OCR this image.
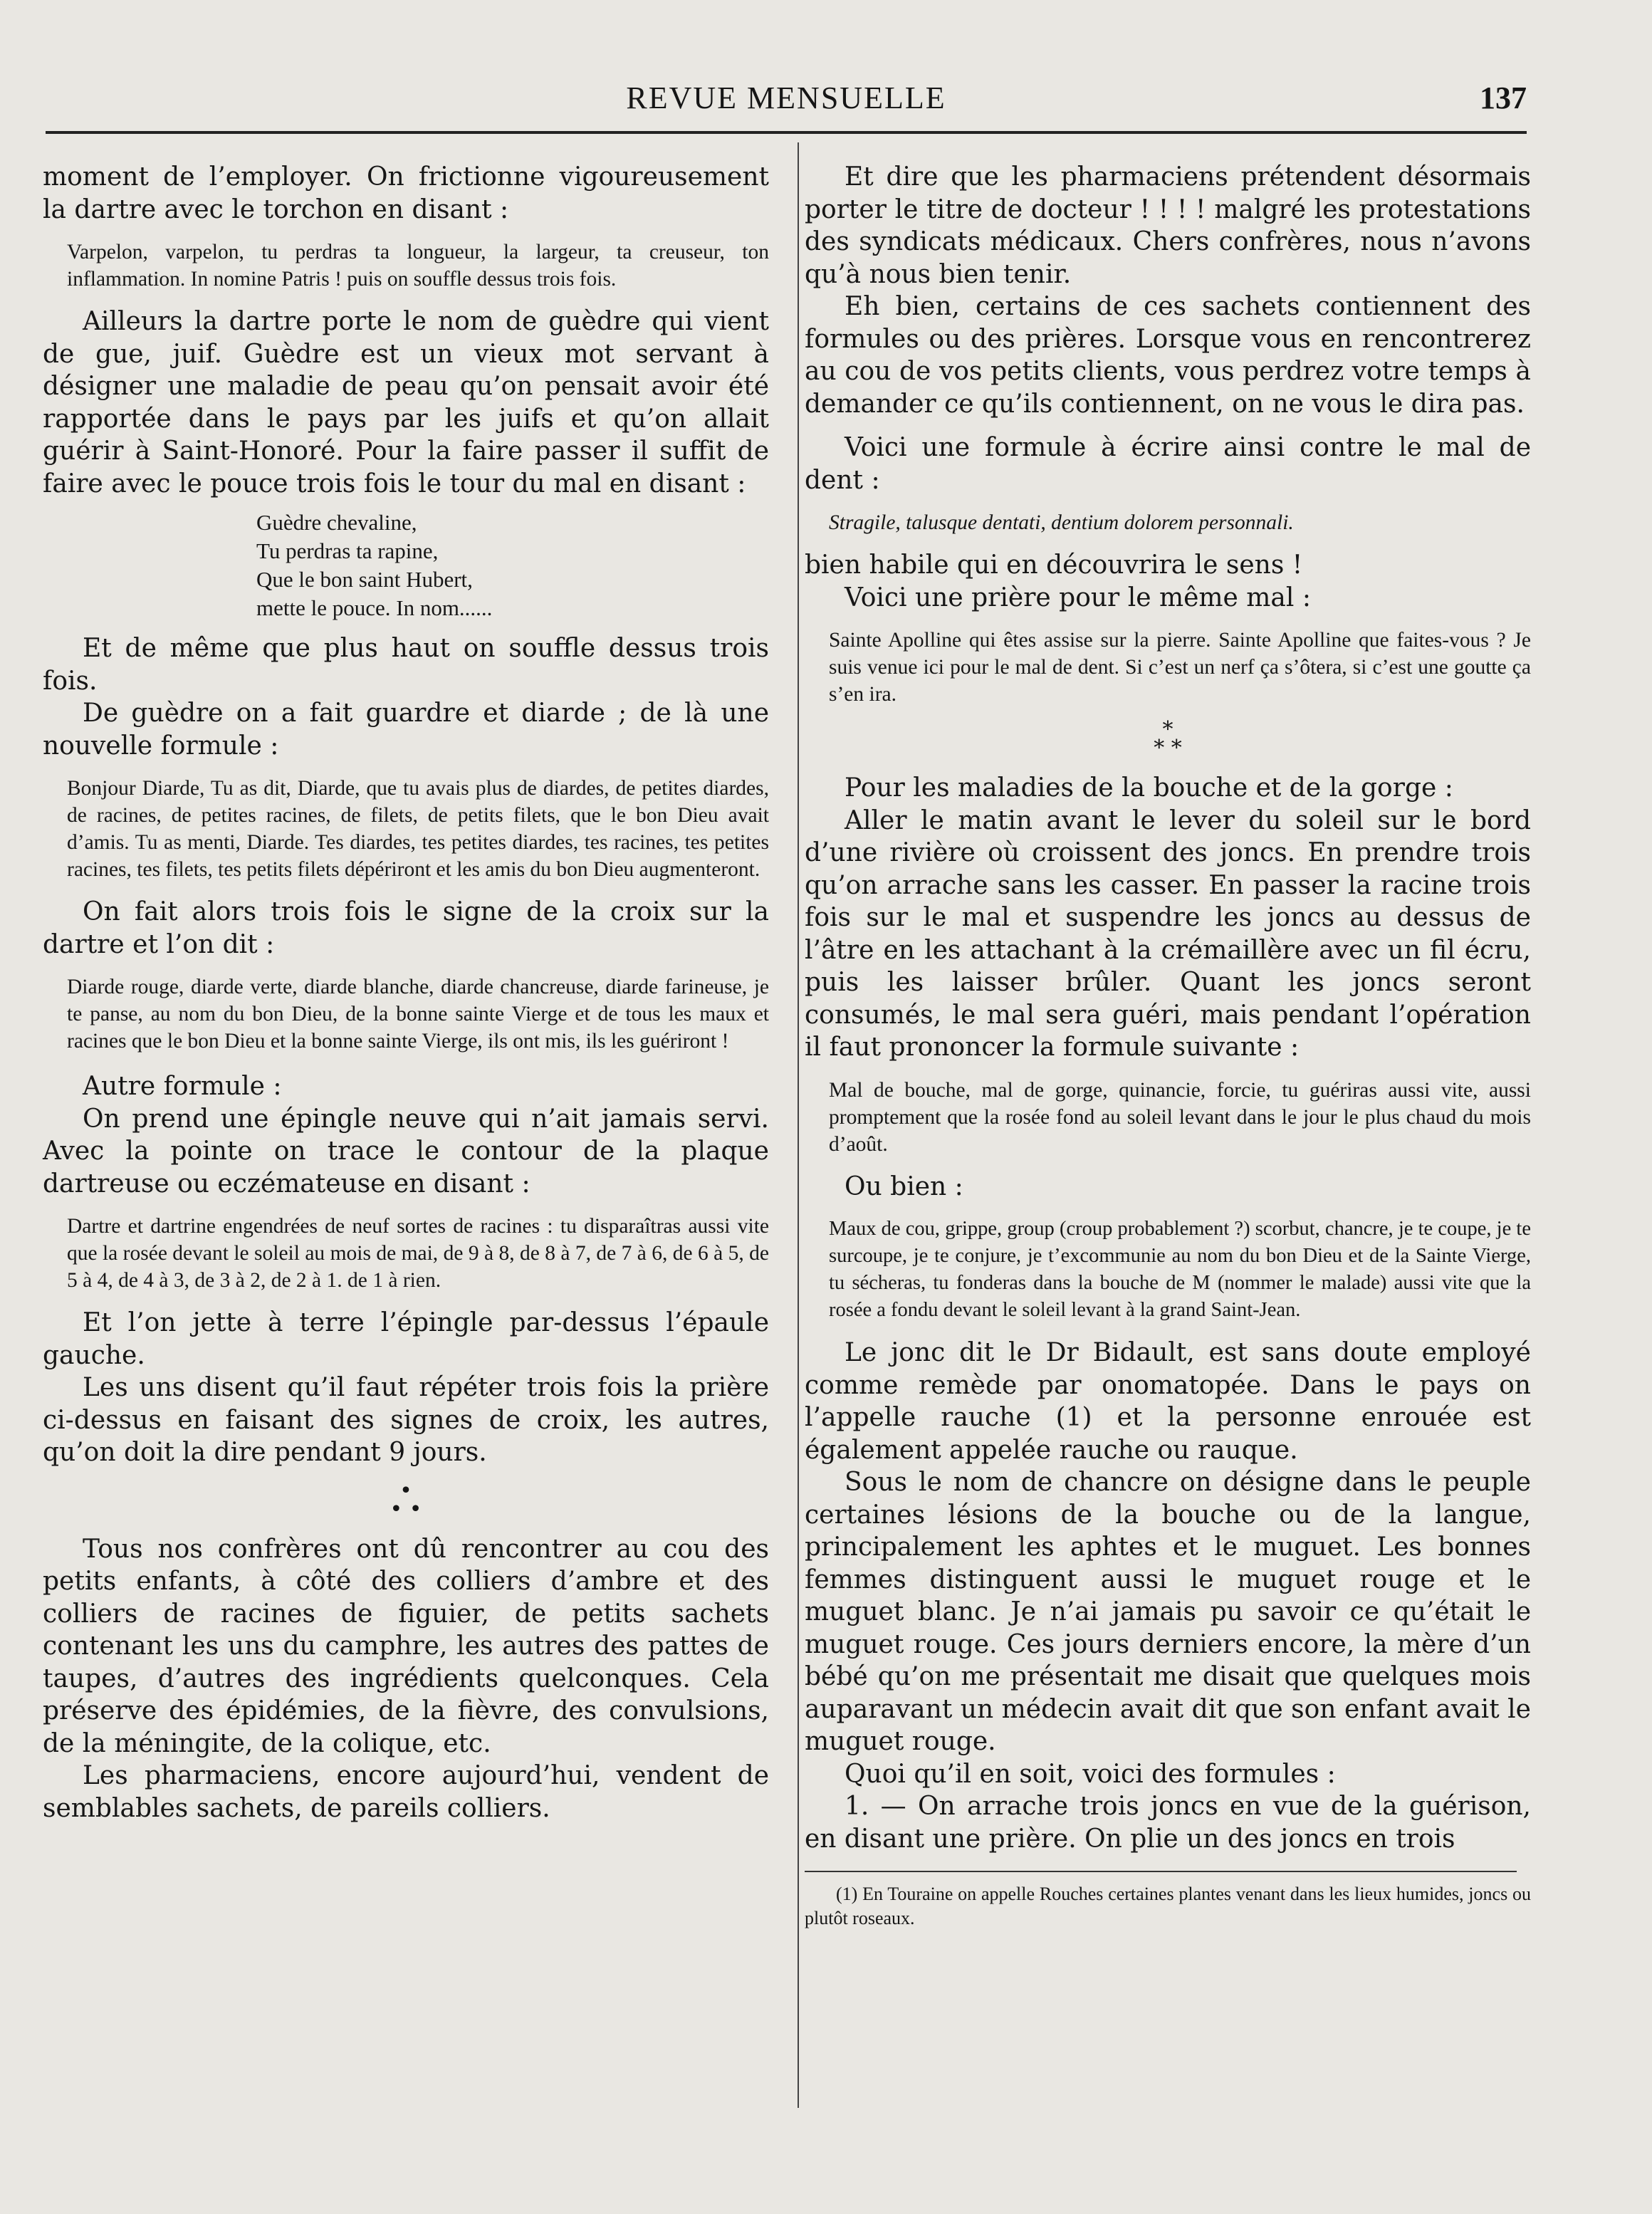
REVUE MENSUELLE	137

moment de l’employer. On frictionne vigoureusement la dartre avec le torchon en disant :

Varpelon, varpelon, tu perdras ta longueur, la largeur, ta creuseur, ton inflammation. In nomine Patris ! puis on souffle dessus trois fois.

Ailleurs la dartre porte le nom de guèdre qui vient de gue, juif. Guèdre est un vieux mot servant à désigner une maladie de peau qu’on pensait avoir été rapportée dans le pays par les juifs et qu’on allait guérir à Saint-Honoré. Pour la faire passer il suffit de faire avec le pouce trois fois le tour du mal en disant :

Guèdre chevaline,
Tu perdras ta rapine,
Que le bon saint Hubert,
mette le pouce. In nom......

Et de même que plus haut on souffle dessus trois fois.

De guèdre on a fait guardre et diarde ; de là une nouvelle formule :

Bonjour Diarde, Tu as dit, Diarde, que tu avais plus de diardes, de petites diardes, de racines, de petites racines, de filets, de petits filets, que le bon Dieu avait d’amis. Tu as menti, Diarde. Tes diardes, tes petites diardes, tes racines, tes petites racines, tes filets, tes petits filets dépériront et les amis du bon Dieu augmenteront.

On fait alors trois fois le signe de la croix sur la dartre et l’on dit :

Diarde rouge, diarde verte, diarde blanche, diarde chancreuse, diarde farineuse, je te panse, au nom du bon Dieu, de la bonne sainte Vierge et de tous les maux et racines que le bon Dieu et la bonne sainte Vierge, ils ont mis, ils les guériront !

Autre formule :

On prend une épingle neuve qui n’ait jamais servi. Avec la pointe on trace le contour de la plaque dartreuse ou eczémateuse en disant :

Dartre et dartrine engendrées de neuf sortes de racines : tu disparaîtras aussi vite que la rosée devant le soleil au mois de mai, de 9 à 8, de 8 à 7, de 7 à 6, de 6 à 5, de 5 à 4, de 4 à 3, de 3 à 2, de 2 à 1. de 1 à rien.

Et l’on jette à terre l’épingle par-dessus l’épaule gauche.

Les uns disent qu’il faut répéter trois fois la prière ci-dessus en faisant des signes de croix, les autres, qu’on doit la dire pendant 9 jours.

•
• •

Tous nos confrères ont dû rencontrer au cou des petits enfants, à côté des colliers d’ambre et des colliers de racines de figuier, de petits sachets contenant les uns du camphre, les autres des pattes de taupes, d’autres des ingrédients quelconques. Cela préserve des épidémies, de la fièvre, des convulsions, de la méningite, de la colique, etc.

Les pharmaciens, encore aujourd’hui, vendent de semblables sachets, de pareils colliers.

Et dire que les pharmaciens prétendent désormais porter le titre de docteur ! ! ! ! malgré les protestations des syndicats médicaux. Chers confrères, nous n’avons qu’à nous bien tenir.

Eh bien, certains de ces sachets contiennent des formules ou des prières. Lorsque vous en rencontrerez au cou de vos petits clients, vous perdrez votre temps à demander ce qu’ils contiennent, on ne vous le dira pas.

Voici une formule à écrire ainsi contre le mal de dent :

Stragile, talusque dentati, dentium dolorem personnali.

bien habile qui en découvrira le sens !

Voici une prière pour le même mal :

Sainte Apolline qui êtes assise sur la pierre. Sainte Apolline que faites-vous ? Je suis venue ici pour le mal de dent. Si c’est un nerf ça s’ôtera, si c’est une goutte ça s’en ira.

*
* *

Pour les maladies de la bouche et de la gorge :

Aller le matin avant le lever du soleil sur le bord d’une rivière où croissent des joncs. En prendre trois qu’on arrache sans les casser. En passer la racine trois fois sur le mal et suspendre les joncs au dessus de l’âtre en les attachant à la crémaillère avec un fil écru, puis les laisser brûler. Quant les joncs seront consumés, le mal sera guéri, mais pendant l’opération il faut prononcer la formule suivante :

Mal de bouche, mal de gorge, quinancie, forcie, tu guériras aussi vite, aussi promptement que la rosée fond au soleil levant dans le jour le plus chaud du mois d’août.

Ou bien :

Maux de cou, grippe, group (croup probablement ?) scorbut, chancre, je te coupe, je te surcoupe, je te conjure, je t’excommunie au nom du bon Dieu et de la Sainte Vierge, tu sécheras, tu fonderas dans la bouche de M (nommer le malade) aussi vite que la rosée a fondu devant le soleil levant à la grand Saint-Jean.

Le jonc dit le Dr Bidault, est sans doute employé comme remède par onomatopée. Dans le pays on l’appelle rauche (1) et la personne enrouée est également appelée rauche ou rauque.

Sous le nom de chancre on désigne dans le peuple certaines lésions de la bouche ou de la langue, principalement les aphtes et le muguet. Les bonnes femmes distinguent aussi le muguet rouge et le muguet blanc. Je n’ai jamais pu savoir ce qu’était le muguet rouge. Ces jours derniers encore, la mère d’un bébé qu’on me présentait me disait que quelques mois auparavant un médecin avait dit que son enfant avait le muguet rouge.

Quoi qu’il en soit, voici des formules :

1. — On arrache trois joncs en vue de la guérison, en disant une prière. On plie un des joncs en trois

(1) En Touraine on appelle Rouches certaines plantes venant dans les lieux humides, joncs ou plutôt roseaux.
